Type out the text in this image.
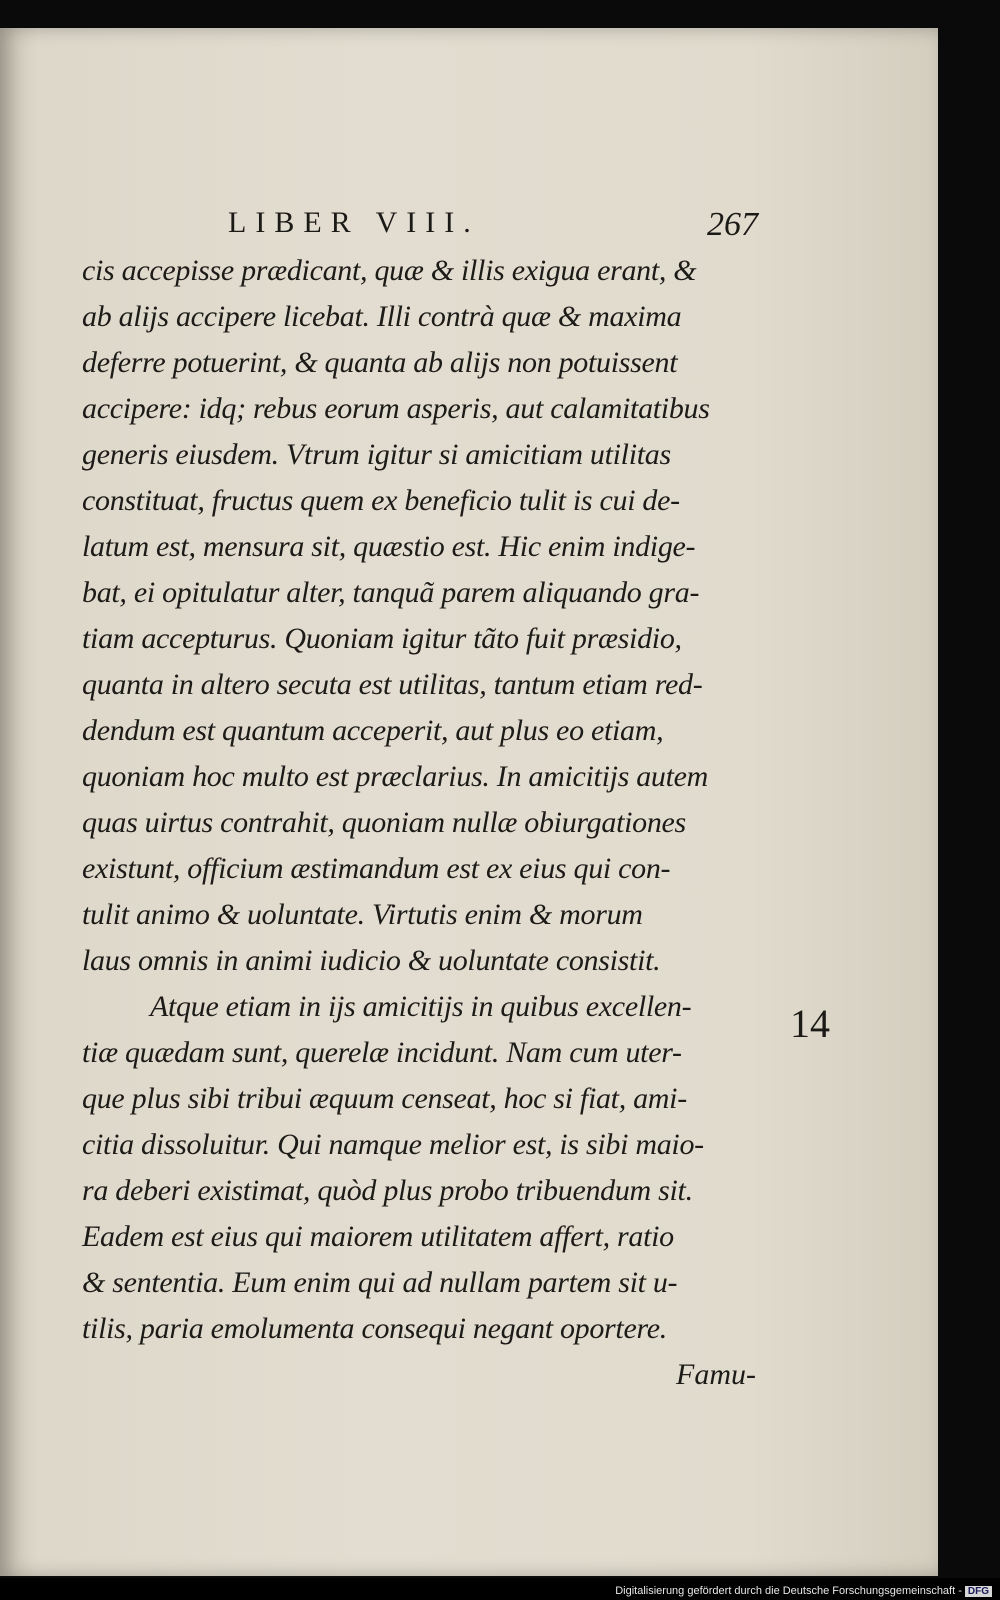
LIBER VIII.	267
cis accepisse prædicant, quæ & illis exigua erant, &
ab alijs accipere licebat. Illi contrà quæ & maxima
deferre potuerint, & quanta ab alijs non potuissent
accipere: idq; rebus eorum asperis, aut calamitatibus
generis eiusdem. Vtrum igitur si amicitiam utilitas
constituat, fructus quem ex beneficio tulit is cui de-
latum est, mensura sit, quæstio est. Hic enim indige-
bat, ei opitulatur alter, tanquã parem aliquando gra-
tiam accepturus. Quoniam igitur tãto fuit præsidio,
quanta in altero secuta est utilitas, tantum etiam red-
dendum est quantum acceperit, aut plus eo etiam,
quoniam hoc multo est præclarius. In amicitijs autem
quas uirtus contrahit, quoniam nullæ obiurgationes
existunt, officium æstimandum est ex eius qui con-
tulit animo & uoluntate. Virtutis enim & morum
laus omnis in animi iudicio & uoluntate consistit.
Atque etiam in ijs amicitijs in quibus excellen-
tiæ quædam sunt, querelæ incidunt. Nam cum uter-
que plus sibi tribui æquum censeat, hoc si fiat, ami-
citia dissoluitur. Qui namque melior est, is sibi maio-
ra deberi existimat, quòd plus probo tribuendum sit.
Eadem est eius qui maiorem utilitatem affert, ratio
& sententia. Eum enim qui ad nullam partem sit u-
tilis, paria emolumenta consequi negant oportere.
14
Famu-
Digitalisierung gefördert durch die Deutsche Forschungsgemeinschaft - DFG
